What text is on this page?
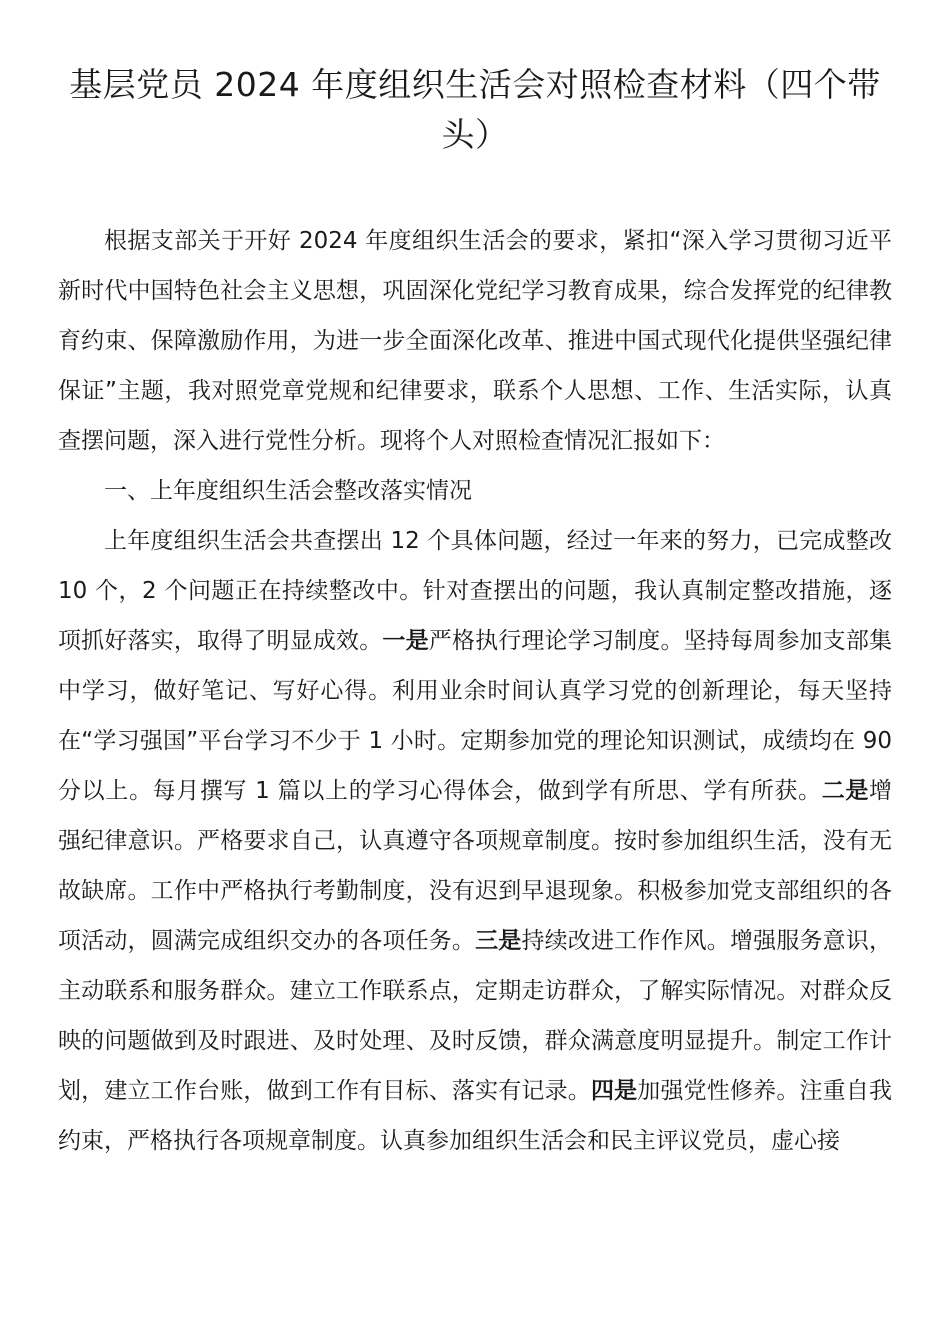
基层党员 2024 年度组织生活会对照检查材料（四个带头）

根据支部关于开好 2024 年度组织生活会的要求，紧扣“深入学习贯彻习近平新时代中国特色社会主义思想，巩固深化党纪学习教育成果，综合发挥党的纪律教育约束、保障激励作用，为进一步全面深化改革、推进中国式现代化提供坚强纪律保证”主题，我对照党章党规和纪律要求，联系个人思想、工作、生活实际，认真查摆问题，深入进行党性分析。现将个人对照检查情况汇报如下：

一、上年度组织生活会整改落实情况

上年度组织生活会共查摆出 12 个具体问题，经过一年来的努力，已完成整改 10 个，2 个问题正在持续整改中。针对查摆出的问题，我认真制定整改措施，逐项抓好落实，取得了明显成效。一是严格执行理论学习制度。坚持每周参加支部集中学习，做好笔记、写好心得。利用业余时间认真学习党的创新理论，每天坚持在“学习强国”平台学习不少于 1 小时。定期参加党的理论知识测试，成绩均在 90 分以上。每月撰写 1 篇以上的学习心得体会，做到学有所思、学有所获。二是增强纪律意识。严格要求自己，认真遵守各项规章制度。按时参加组织生活，没有无故缺席。工作中严格执行考勤制度，没有迟到早退现象。积极参加党支部组织的各项活动，圆满完成组织交办的各项任务。三是持续改进工作作风。增强服务意识，主动联系和服务群众。建立工作联系点，定期走访群众，了解实际情况。对群众反映的问题做到及时跟进、及时处理、及时反馈，群众满意度明显提升。制定工作计划，建立工作台账，做到工作有目标、落实有记录。四是加强党性修养。注重自我约束，严格执行各项规章制度。认真参加组织生活会和民主评议党员，虚心接
